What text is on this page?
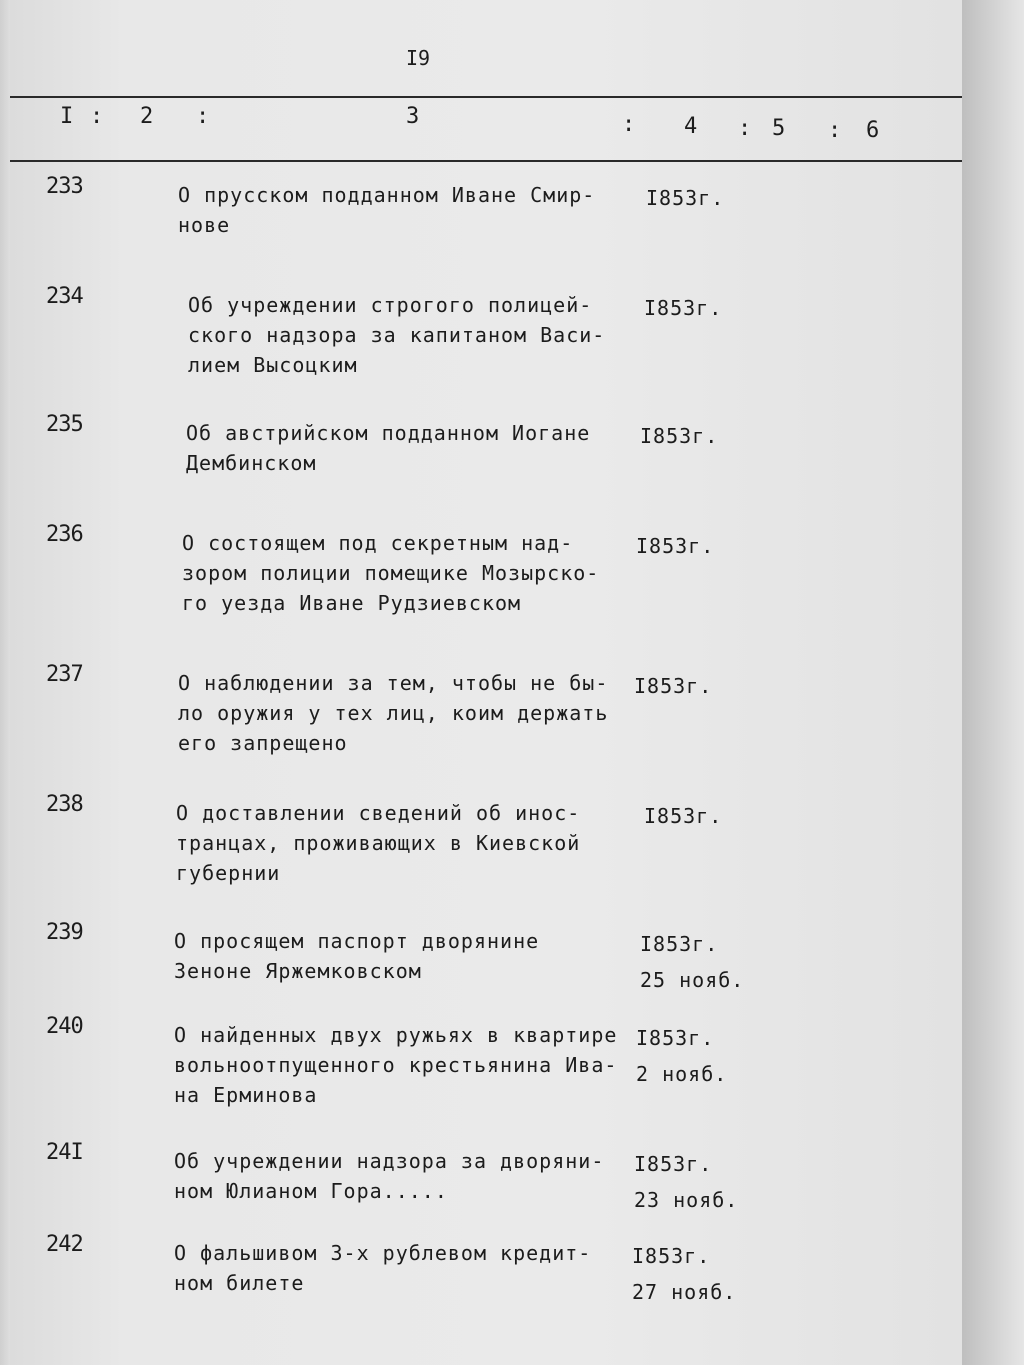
I9
I : 2 :	3	: 4 : 5 : 6

233	О прусском подданном Иване Смир-
нове
I853г.
234	Об учреждении строгого полицей-
ского надзора за капитаном Васи-
лием Высоцким
I853г.
235	Об австрийском подданном Иогане
Дембинском
I853г.
236	О состоящем под секретным над-
зором полиции помещике Мозырско-
го уезда Иване Рудзиевском
I853г.
237	О наблюдении за тем, чтобы не бы-
ло оружия у тех лиц, коим держать
его запрещено
I853г.
238	О доставлении сведений об инос-
транцах, проживающих в Киевской
губернии
I853г.
239	О просящем паспорт дворянине
Зеноне Яржемковском
I853г.
25 нояб.
240	О найденных двух ружьях в квартире
вольноотпущенного крестьянина Ива-
на Ерминова
I853г.
2 нояб.
24I	Об учреждении надзора за дворяни-
ном Юлианом Гора.....
I853г.
23 нояб.
242	О фальшивом 3-х рублевом кредит-
ном билете
I853г.
27 нояб.
